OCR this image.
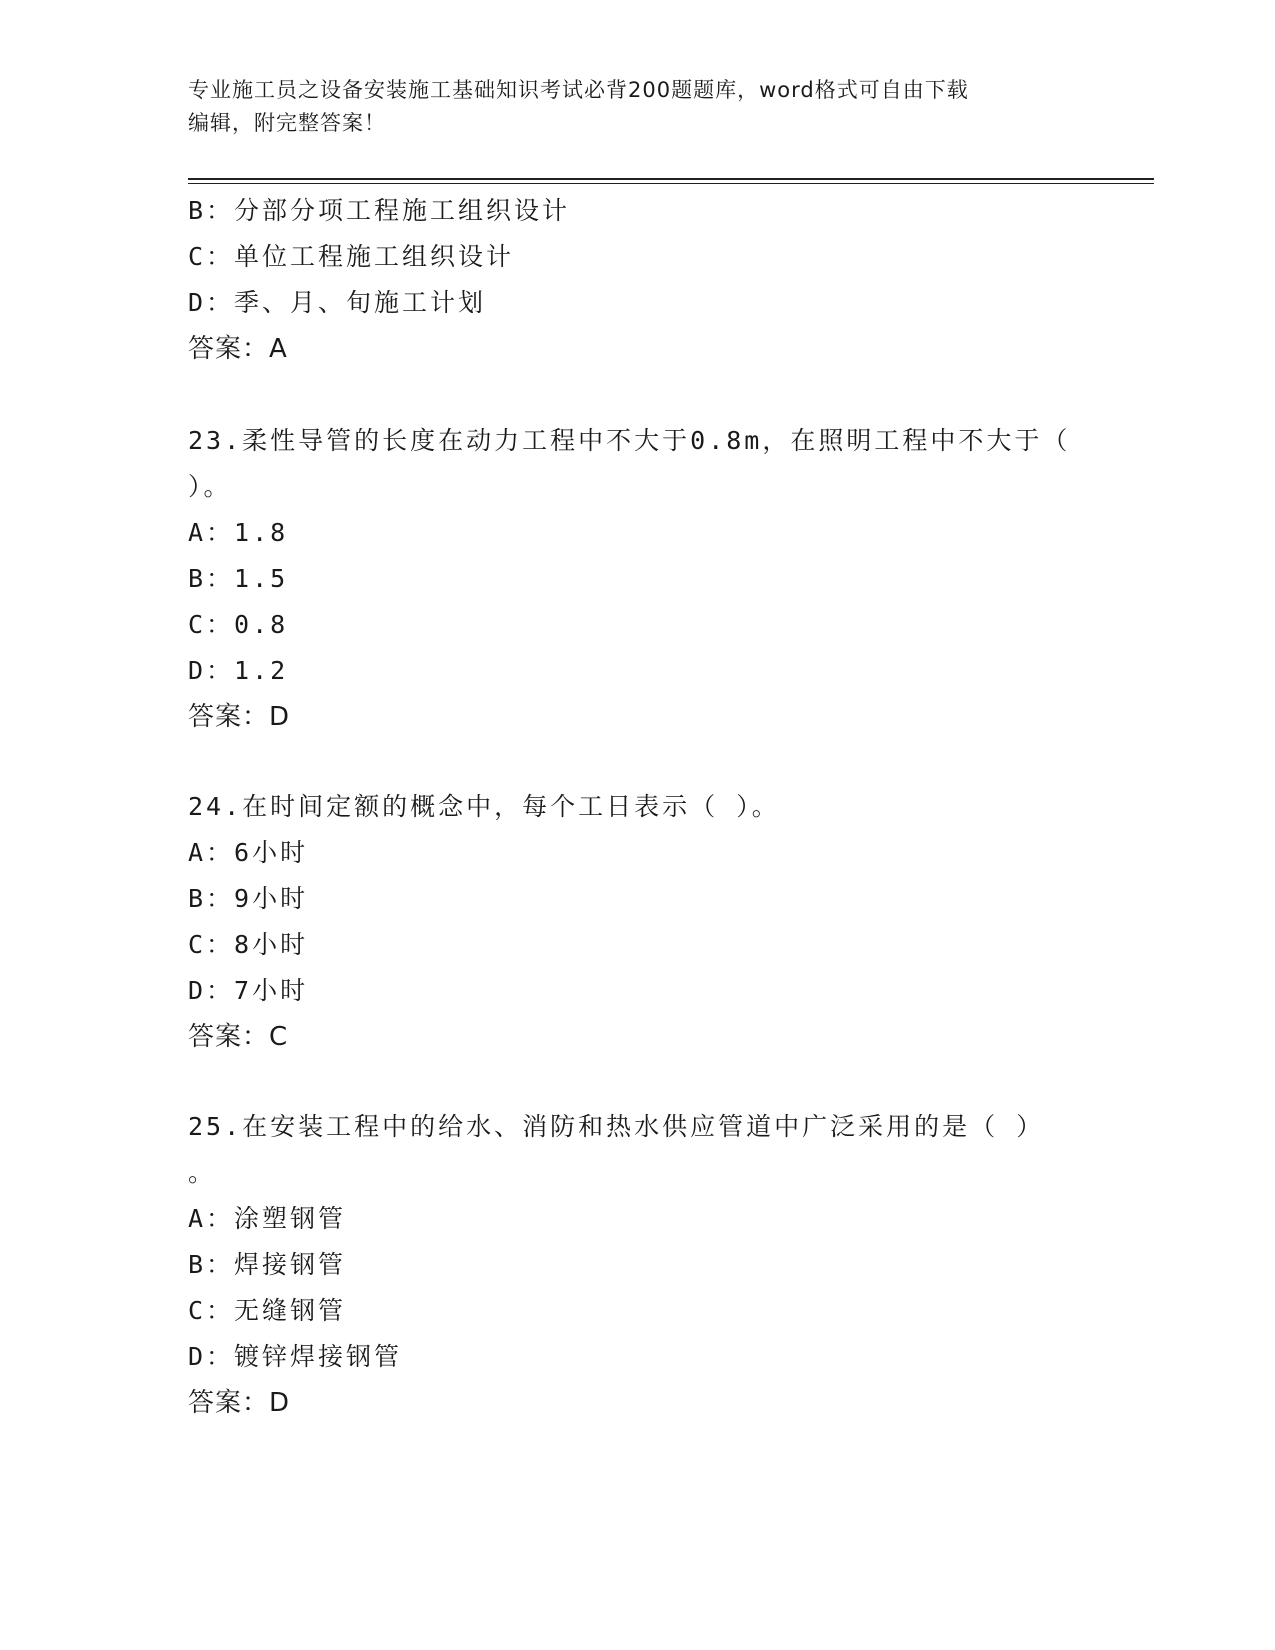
专业施工员之设备安装施工基础知识考试必背200题题库，word格式可自由下载
编辑，附完整答案！
B：分部分项工程施工组织设计
C：单位工程施工组织设计
D：季、月、旬施工计划
答案：A
23.柔性导管的长度在动力工程中不大于0.8m，在照明工程中不大于（
）。
A：1.8
B：1.5
C：0.8
D：1.2
答案：D
24.在时间定额的概念中，每个工日表示（ ）。
A：6小时
B：9小时
C：8小时
D：7小时
答案：C
25.在安装工程中的给水、消防和热水供应管道中广泛采用的是（ ）
。
A：涂塑钢管
B：焊接钢管
C：无缝钢管
D：镀锌焊接钢管
答案：D
